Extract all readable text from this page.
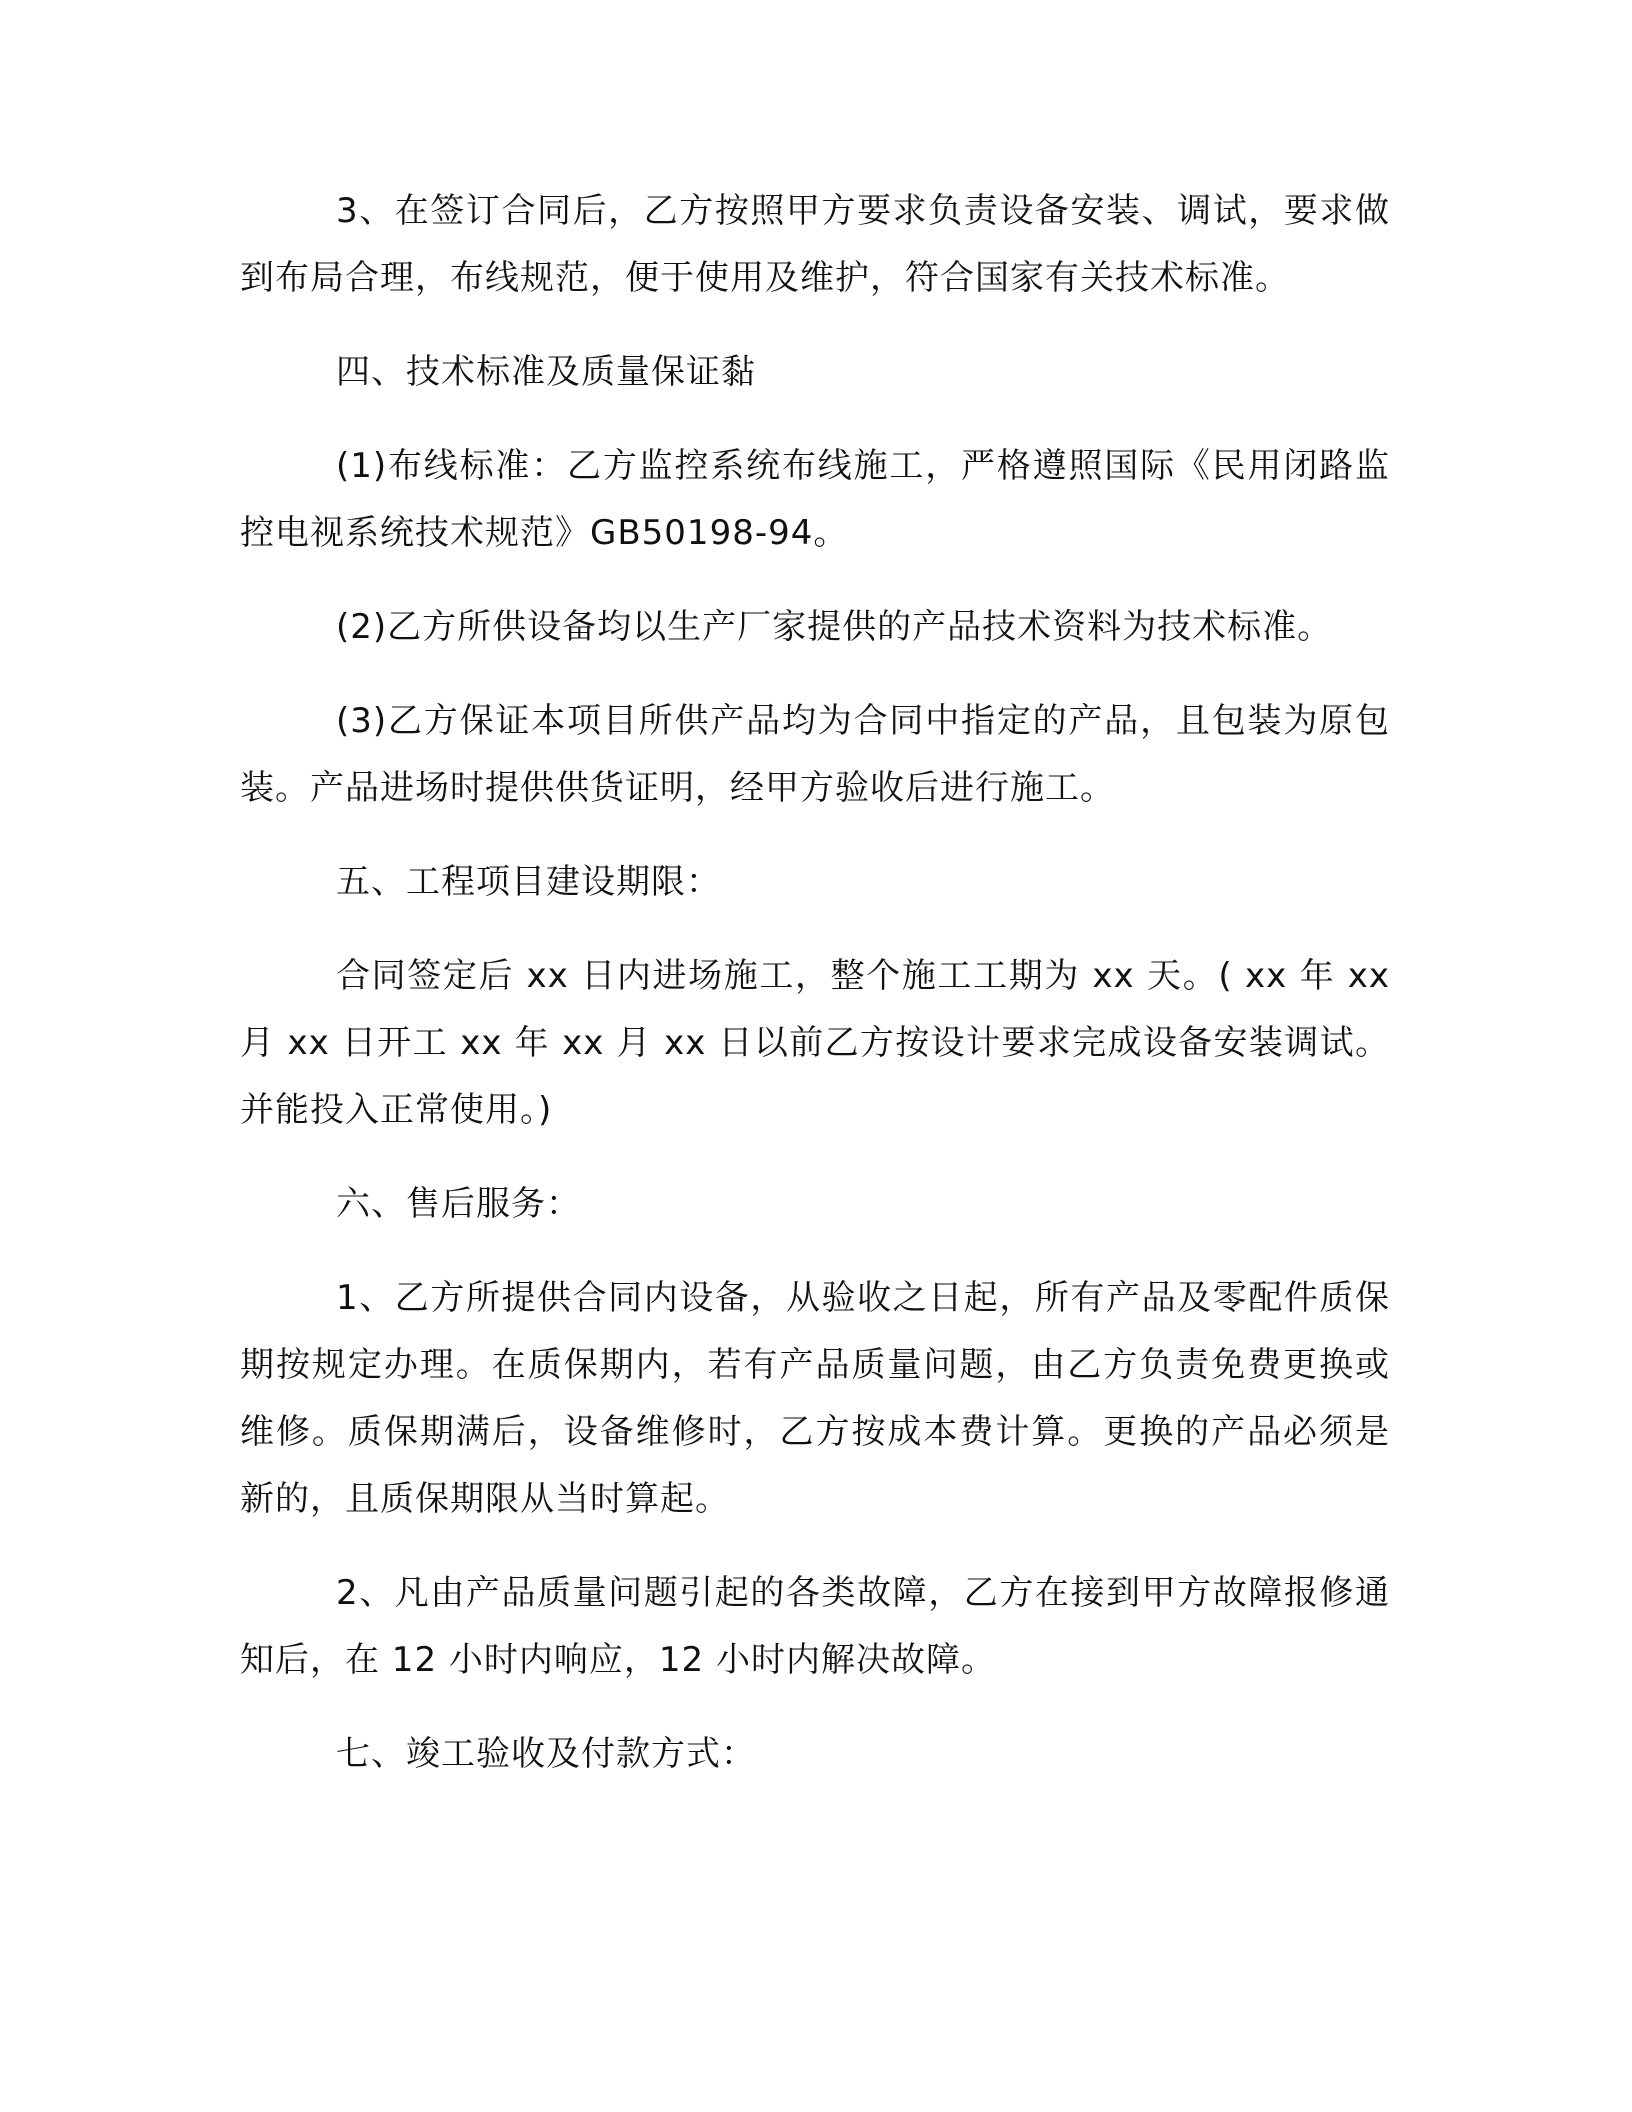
3、在签订合同后，乙方按照甲方要求负责设备安装、调试，要求做到布局合理，布线规范，便于使用及维护，符合国家有关技术标准。

四、技术标准及质量保证黏

(1)布线标准：乙方监控系统布线施工，严格遵照国际《民用闭路监控电视系统技术规范》GB50198-94。

(2)乙方所供设备均以生产厂家提供的产品技术资料为技术标准。

(3)乙方保证本项目所供产品均为合同中指定的产品，且包装为原包装。产品进场时提供供货证明，经甲方验收后进行施工。

五、工程项目建设期限：

合同签定后 xx 日内进场施工，整个施工工期为 xx 天。( xx 年 xx 月 xx 日开工 xx 年 xx 月 xx 日以前乙方按设计要求完成设备安装调试。并能投入正常使用。)

六、售后服务：

1、乙方所提供合同内设备，从验收之日起，所有产品及零配件质保期按规定办理。在质保期内，若有产品质量问题，由乙方负责免费更换或维修。质保期满后，设备维修时，乙方按成本费计算。更换的产品必须是新的，且质保期限从当时算起。

2、凡由产品质量问题引起的各类故障，乙方在接到甲方故障报修通知后，在 12 小时内响应，12 小时内解决故障。

七、竣工验收及付款方式：
